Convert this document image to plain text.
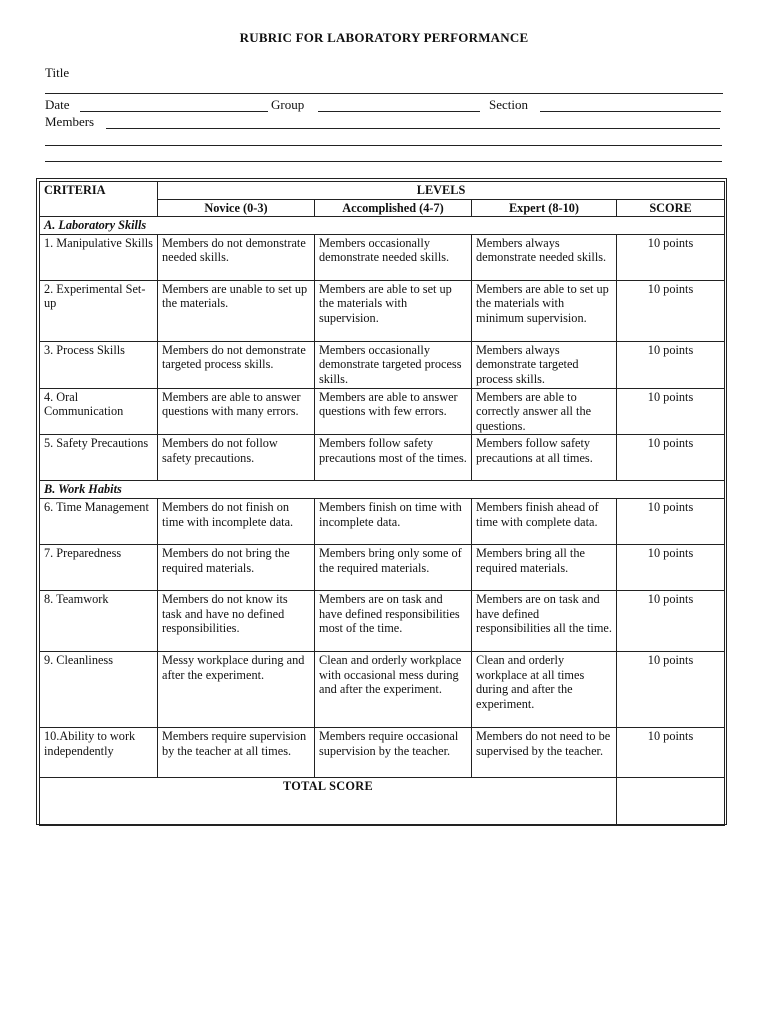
RUBRIC FOR LABORATORY PERFORMANCE
Title
Date	Group	Section
Members
CRITERIA	LEVELS			
	Novice (0-3)	Accomplished (4-7)	Expert (8-10)	SCORE
A. Laboratory Skills				
1. Manipulative Skills	Members do not demonstrate needed skills.	Members occasionally demonstrate needed skills.	Members always demonstrate needed skills.	10 points
2. Experimental Set-up	Members are unable to set up the materials.	Members are able to set up the materials with supervision.	Members are able to set up the materials with minimum supervision.	10 points
3. Process Skills	Members do not demonstrate targeted process skills.	Members occasionally demonstrate targeted process skills.	Members always demonstrate targeted process skills.	10 points
4. Oral Communication	Members are able to answer questions with many errors.	Members are able to answer questions with few errors.	Members are able to correctly answer all the questions.	10 points
5. Safety Precautions	Members do not follow safety precautions.	Members follow safety precautions most of the times.	Members follow safety precautions at all times.	10 points
B. Work Habits				
6. Time Management	Members do not finish on time with incomplete data.	Members finish on time with incomplete data.	Members finish ahead of time with complete data.	10 points
7. Preparedness	Members do not bring the required materials.	Members bring only some of the required materials.	Members bring all the required materials.	10 points
8. Teamwork	Members do not know its task and have no defined responsibilities.	Members are on task and have defined responsibilities most of the time.	Members are on task and have defined responsibilities all the time.	10 points
9. Cleanliness	Messy workplace during and after the experiment.	Clean and orderly workplace with occasional mess during and after the experiment.	Clean and orderly workplace at all times during and after the experiment.	10 points
10.Ability to work independently	Members require supervision by the teacher at all times.	Members require occasional supervision by the teacher.	Members do not need to be supervised by the teacher.	10 points
TOTAL SCORE				
